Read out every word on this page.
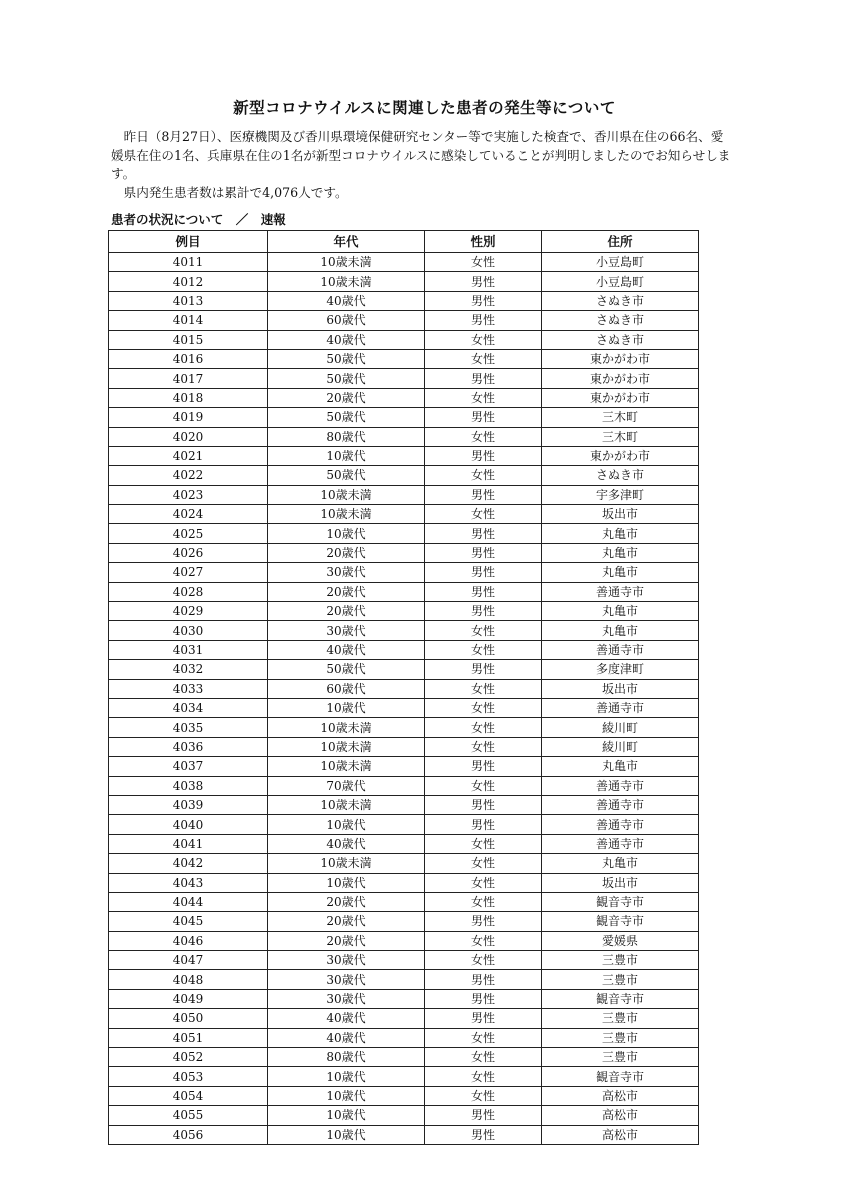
新型コロナウイルスに関連した患者の発生等について

昨日（8月27日）、医療機関及び香川県環境保健研究センター等で実施した検査で、香川県在住の66名、愛媛県在住の1名、兵庫県在住の1名が新型コロナウイルスに感染していることが判明しましたのでお知らせします。

県内発生患者数は累計で4,076人です。

患者の状況について　／　速報
例目	年代	性別	住所
4011	10歳未満	女性	小豆島町
4012	10歳未満	男性	小豆島町
4013	40歳代	男性	さぬき市
4014	60歳代	男性	さぬき市
4015	40歳代	女性	さぬき市
4016	50歳代	女性	東かがわ市
4017	50歳代	男性	東かがわ市
4018	20歳代	女性	東かがわ市
4019	50歳代	男性	三木町
4020	80歳代	女性	三木町
4021	10歳代	男性	東かがわ市
4022	50歳代	女性	さぬき市
4023	10歳未満	男性	宇多津町
4024	10歳未満	女性	坂出市
4025	10歳代	男性	丸亀市
4026	20歳代	男性	丸亀市
4027	30歳代	男性	丸亀市
4028	20歳代	男性	善通寺市
4029	20歳代	男性	丸亀市
4030	30歳代	女性	丸亀市
4031	40歳代	女性	善通寺市
4032	50歳代	男性	多度津町
4033	60歳代	女性	坂出市
4034	10歳代	女性	善通寺市
4035	10歳未満	女性	綾川町
4036	10歳未満	女性	綾川町
4037	10歳未満	男性	丸亀市
4038	70歳代	女性	善通寺市
4039	10歳未満	男性	善通寺市
4040	10歳代	男性	善通寺市
4041	40歳代	女性	善通寺市
4042	10歳未満	女性	丸亀市
4043	10歳代	女性	坂出市
4044	20歳代	女性	観音寺市
4045	20歳代	男性	観音寺市
4046	20歳代	女性	愛媛県
4047	30歳代	女性	三豊市
4048	30歳代	男性	三豊市
4049	30歳代	男性	観音寺市
4050	40歳代	男性	三豊市
4051	40歳代	女性	三豊市
4052	80歳代	女性	三豊市
4053	10歳代	女性	観音寺市
4054	10歳代	女性	高松市
4055	10歳代	男性	高松市
4056	10歳代	男性	高松市
